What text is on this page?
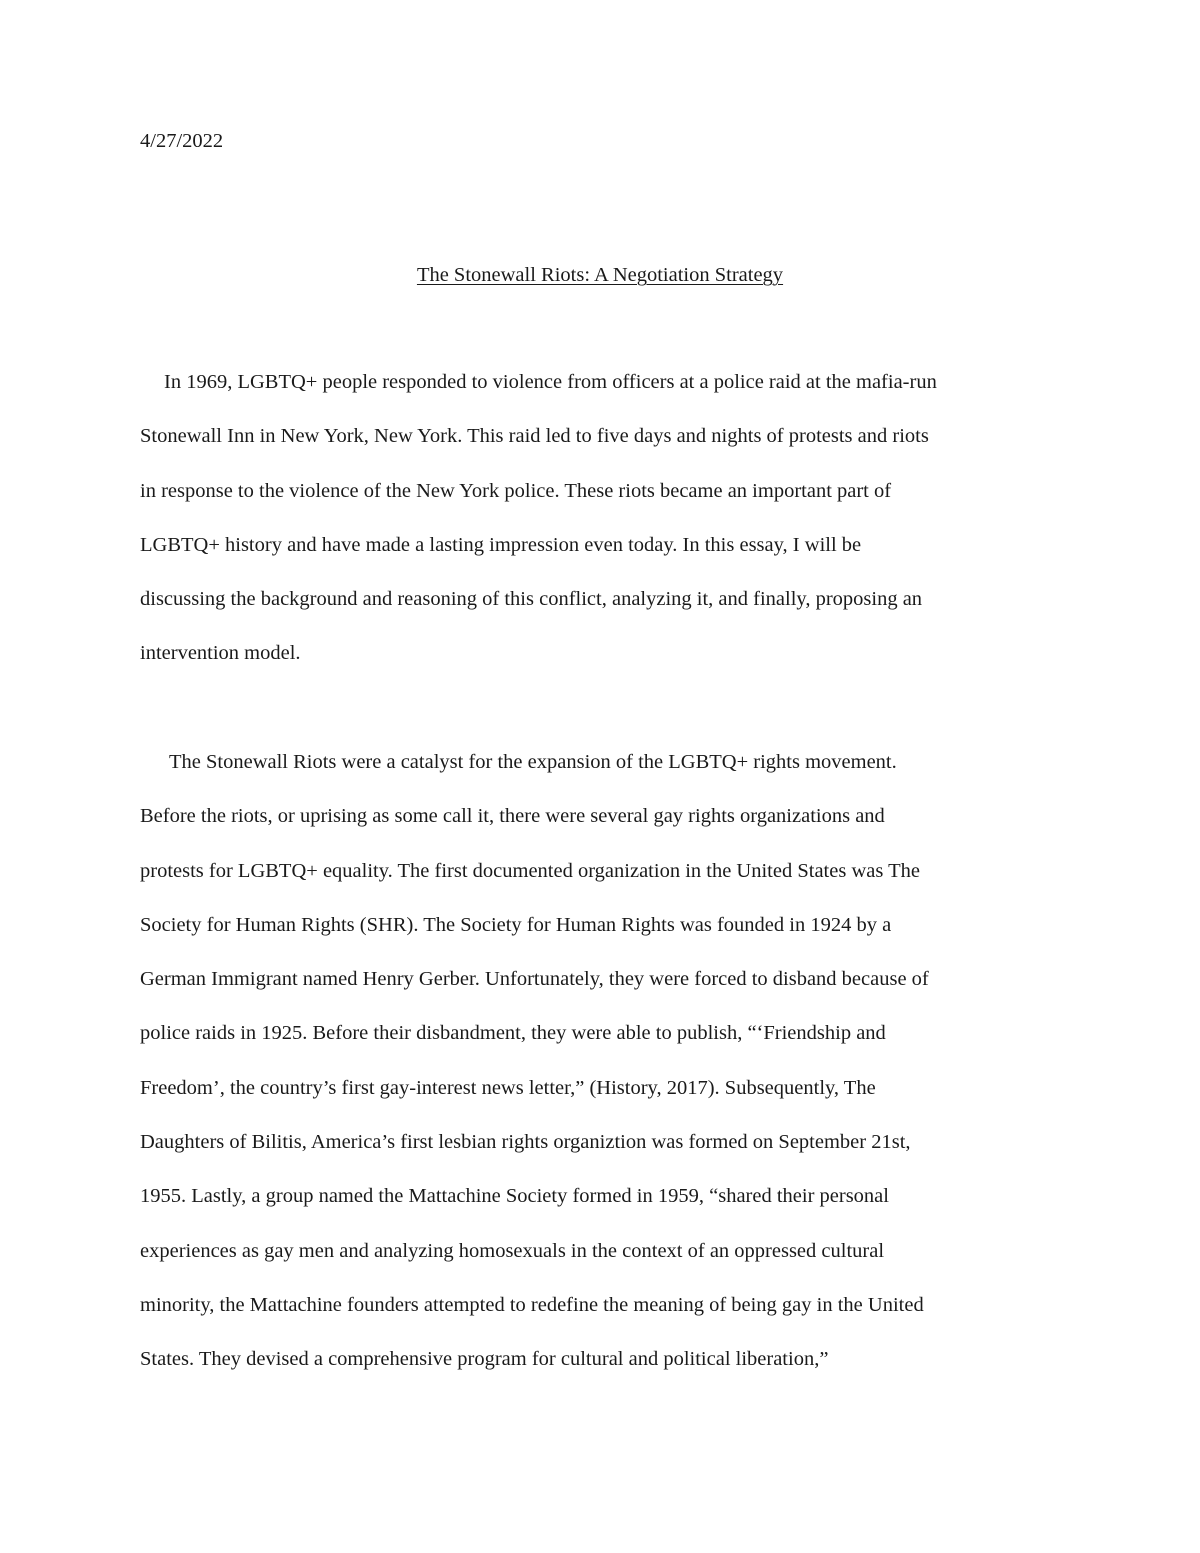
4/27/2022

The Stonewall Riots: A Negotiation Strategy
In 1969, LGBTQ+ people responded to violence from officers at a police raid at the mafia-run
Stonewall Inn in New York, New York. This raid led to five days and nights of protests and riots
in response to the violence of the New York police. These riots became an important part of
LGBTQ+ history and have made a lasting impression even today. In this essay, I will be
discussing the background and reasoning of this conflict, analyzing it, and finally, proposing an
intervention model.
The Stonewall Riots were a catalyst for the expansion of the LGBTQ+ rights movement.
Before the riots, or uprising as some call it, there were several gay rights organizations and
protests for LGBTQ+ equality. The first documented organization in the United States was The
Society for Human Rights (SHR). The Society for Human Rights was founded in 1924 by a
German Immigrant named Henry Gerber. Unfortunately, they were forced to disband because of
police raids in 1925. Before their disbandment, they were able to publish, “‘Friendship and
Freedom’, the country’s first gay-interest news letter,” (History, 2017). Subsequently, The
Daughters of Bilitis, America’s first lesbian rights organiztion was formed on September 21st,
1955. Lastly, a group named the Mattachine Society formed in 1959, “shared their personal
experiences as gay men and analyzing homosexuals in the context of an oppressed cultural
minority, the Mattachine founders attempted to redefine the meaning of being gay in the United
States. They devised a comprehensive program for cultural and political liberation,”
